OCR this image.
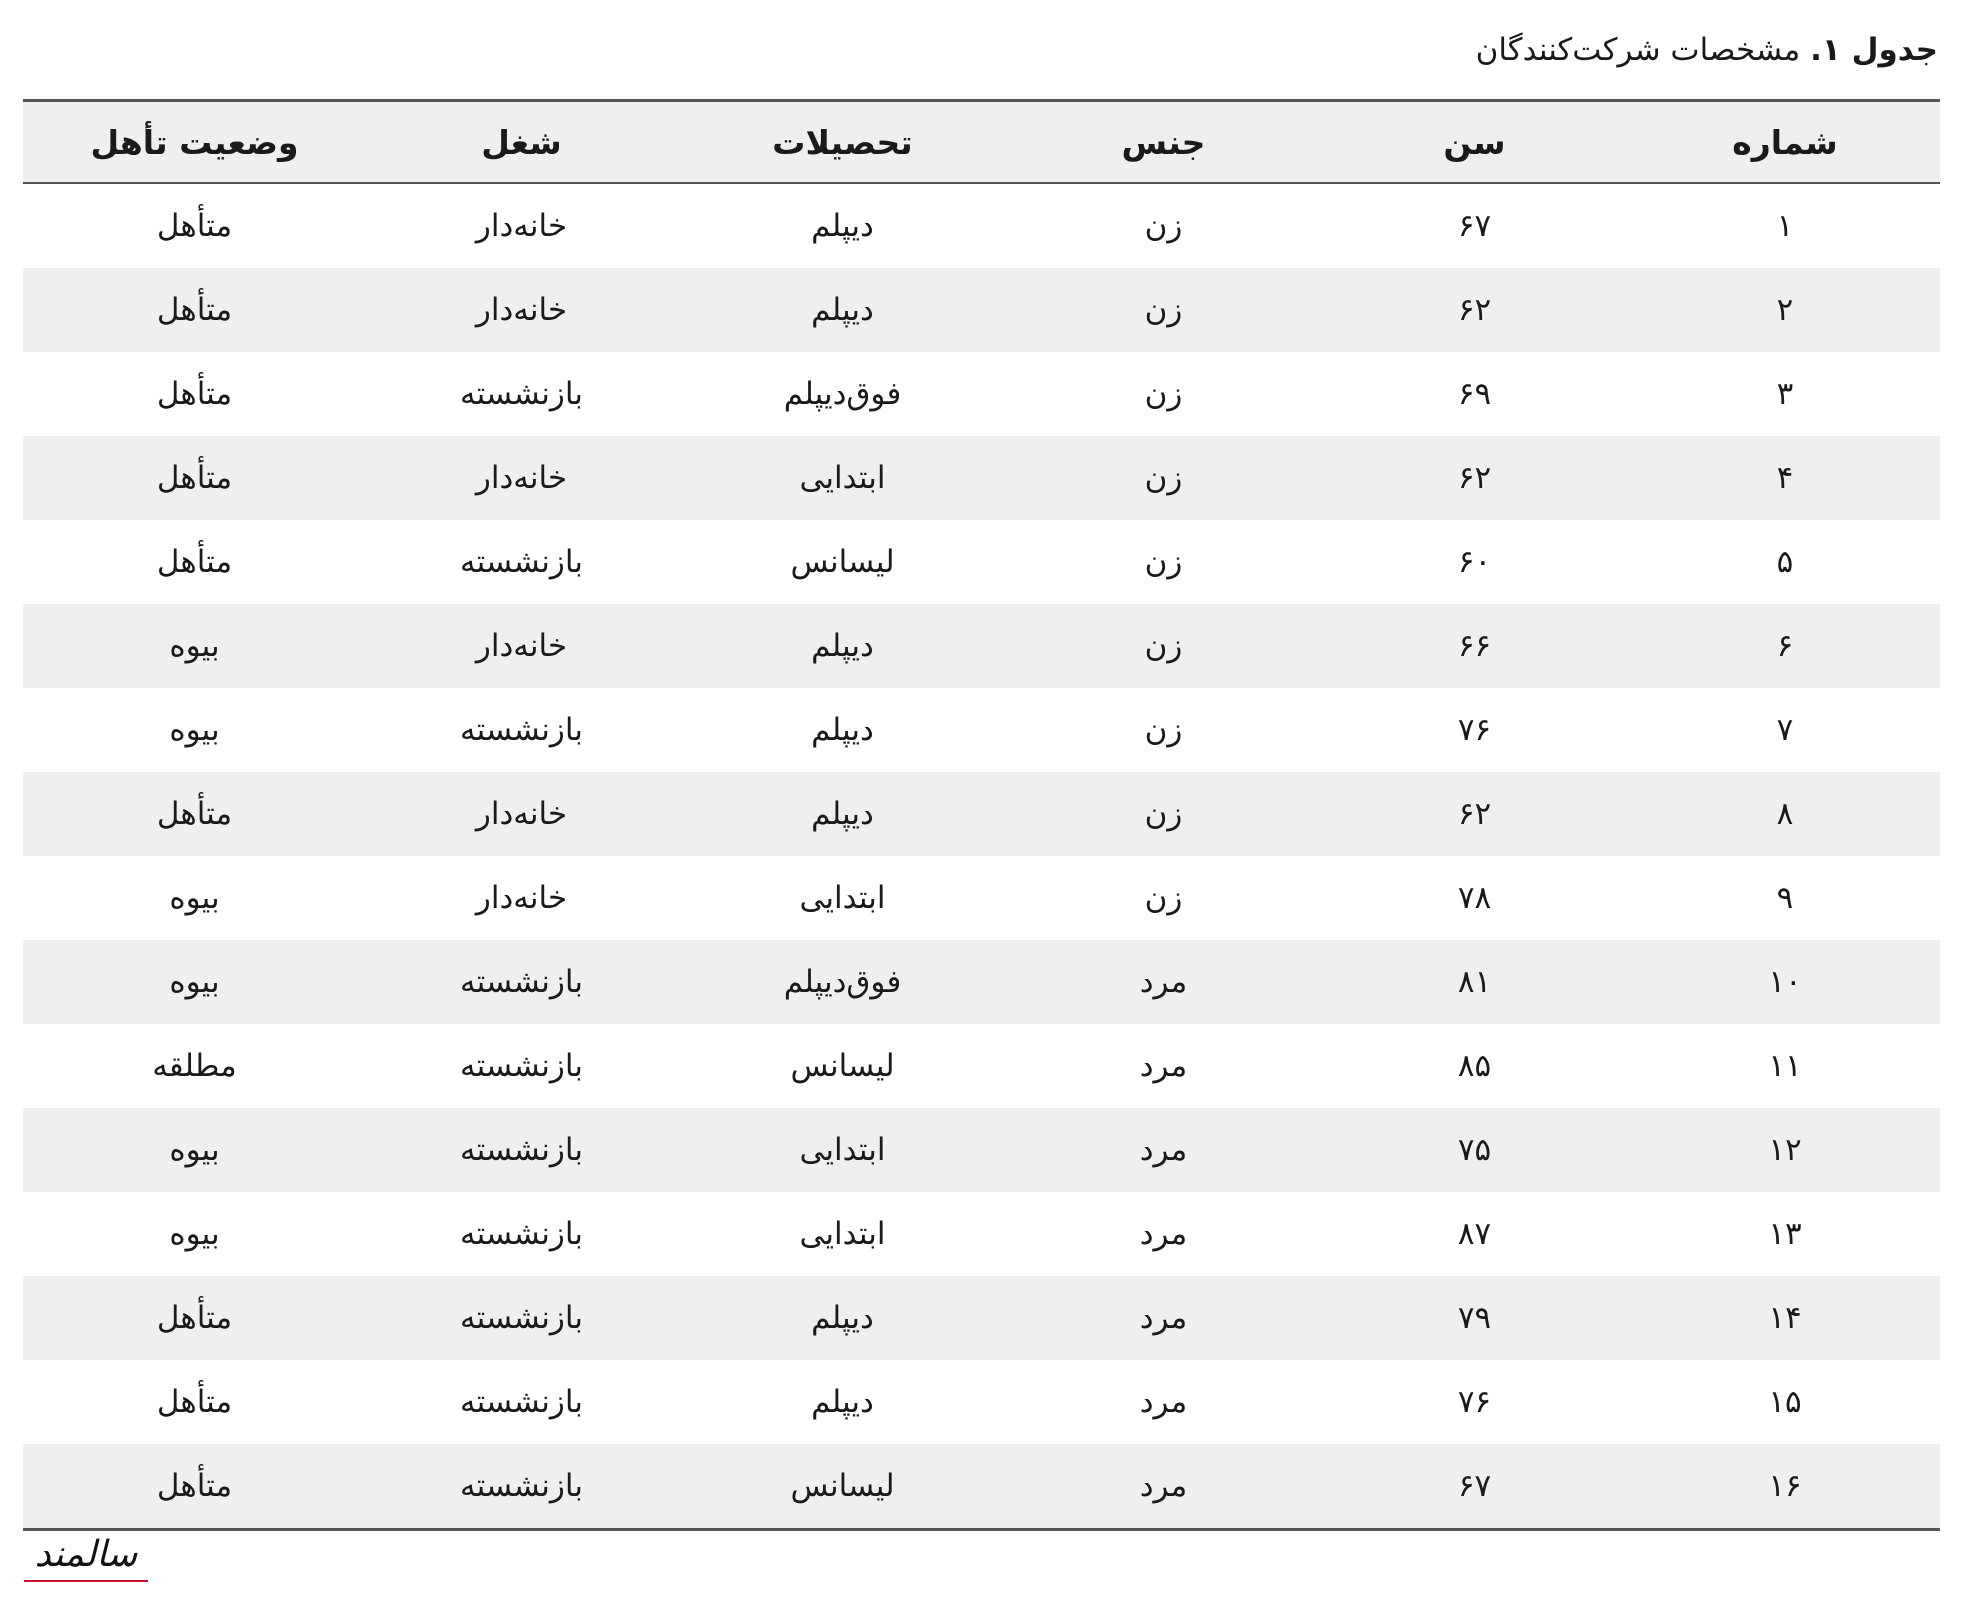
جدول ۱. مشخصات شرکت‌کنندگان
شماره	سن	جنس	تحصیلات	شغل	وضعیت تأهل
۱	۶۷	زن	دیپلم	خانه‌دار	متأهل
۲	۶۲	زن	دیپلم	خانه‌دار	متأهل
۳	۶۹	زن	فوق‌دیپلم	بازنشسته	متأهل
۴	۶۲	زن	ابتدایی	خانه‌دار	متأهل
۵	۶۰	زن	لیسانس	بازنشسته	متأهل
۶	۶۶	زن	دیپلم	خانه‌دار	بیوه
۷	۷۶	زن	دیپلم	بازنشسته	بیوه
۸	۶۲	زن	دیپلم	خانه‌دار	متأهل
۹	۷۸	زن	ابتدایی	خانه‌دار	بیوه
۱۰	۸۱	مرد	فوق‌دیپلم	بازنشسته	بیوه
۱۱	۸۵	مرد	لیسانس	بازنشسته	مطلقه
۱۲	۷۵	مرد	ابتدایی	بازنشسته	بیوه
۱۳	۸۷	مرد	ابتدایی	بازنشسته	بیوه
۱۴	۷۹	مرد	دیپلم	بازنشسته	متأهل
۱۵	۷۶	مرد	دیپلم	بازنشسته	متأهل
۱۶	۶۷	مرد	لیسانس	بازنشسته	متأهل
سالمند
